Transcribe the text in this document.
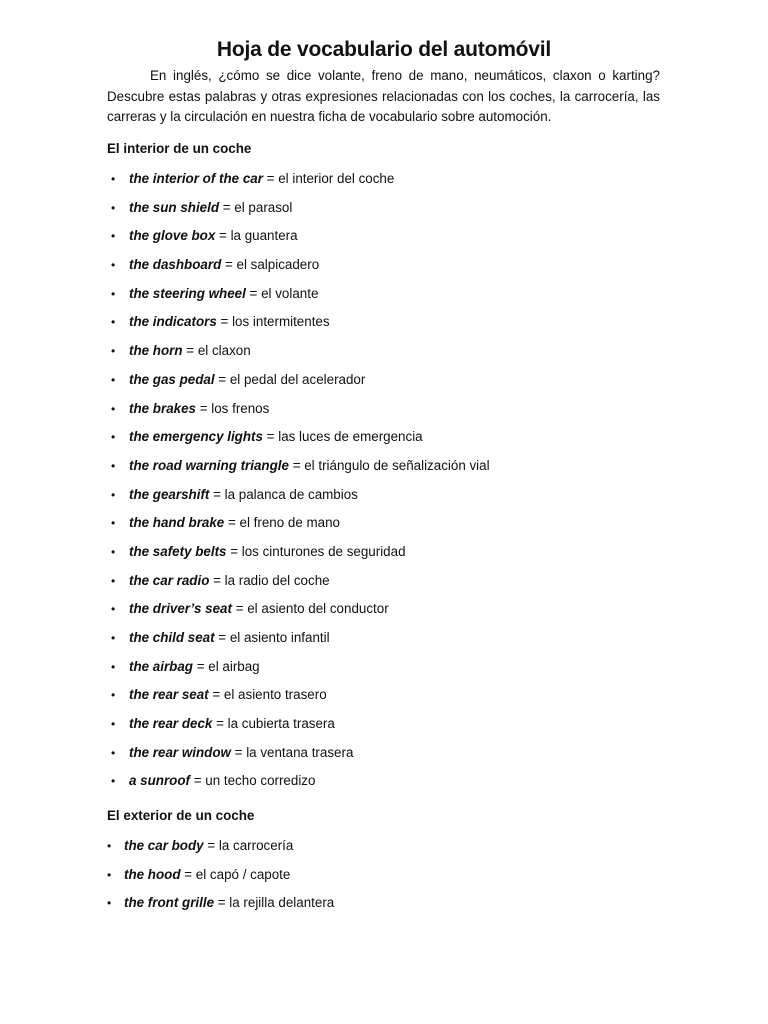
Hoja de vocabulario del automóvil

En inglés, ¿cómo se dice volante, freno de mano, neumáticos, claxon o karting? Descubre estas palabras y otras expresiones relacionadas con los coches, la carrocería, las carreras y la circulación en nuestra ficha de vocabulario sobre automoción.

El interior de un coche
• the interior of the car = el interior del coche
• the sun shield = el parasol
• the glove box = la guantera
• the dashboard = el salpicadero
• the steering wheel = el volante
• the indicators = los intermitentes
• the horn = el claxon
• the gas pedal = el pedal del acelerador
• the brakes = los frenos
• the emergency lights = las luces de emergencia
• the road warning triangle = el triángulo de señalización vial
• the gearshift = la palanca de cambios
• the hand brake = el freno de mano
• the safety belts = los cinturones de seguridad
• the car radio = la radio del coche
• the driver’s seat = el asiento del conductor
• the child seat = el asiento infantil
• the airbag = el airbag
• the rear seat = el asiento trasero
• the rear deck = la cubierta trasera
• the rear window = la ventana trasera
• a sunroof = un techo corredizo
El exterior de un coche
• the car body = la carrocería
• the hood = el capó / capote
• the front grille = la rejilla delantera
